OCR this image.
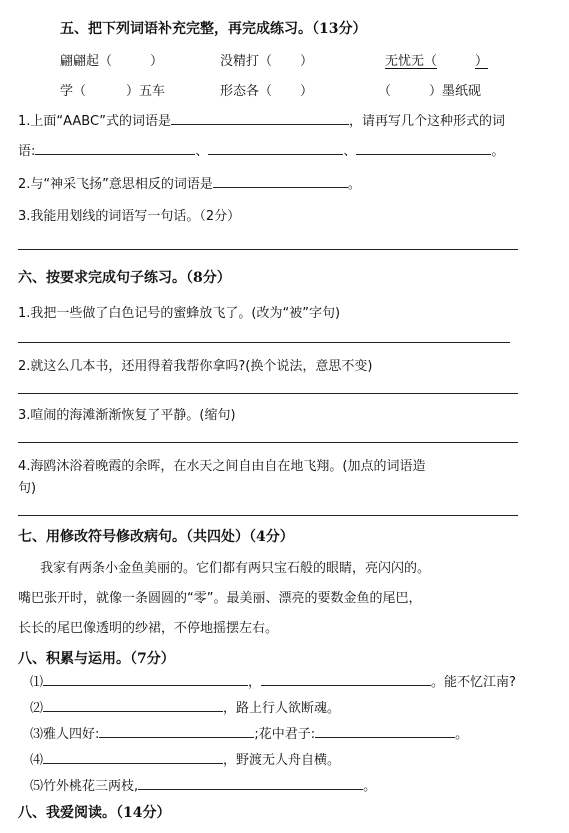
五、把下列词语补充完整，再完成练习。（13分）
翩翩起（	）	没精打（ ）	无忧无（	）
学（	）五车	形态各（ ）	（	）墨纸砚
1.上面“AABC”式的词语是	，请再写几个这种形式的词
语:	、	、	。
2.与“神采飞扬”意思相反的词语是	。
3.我能用划线的词语写一句话。（2分）
六、按要求完成句子练习。（8分）
1.我把一些做了白色记号的蜜蜂放飞了。(改为“被”字句)
2.就这么几本书，还用得着我帮你拿吗?(换个说法，意思不变)
3.喧闹的海滩渐渐恢复了平静。(缩句)
4.海鸥沐浴着晚霞的余晖，在水天之间自由自在地飞翔。(加点的词语造
句)
七、用修改符号修改病句。（共四处）（4分）
我家有两条小金鱼美丽的。它们都有两只宝石般的眼睛，亮闪闪的。
嘴巴张开时，就像一条圆圆的“零”。最美丽、漂亮的要数金鱼的尾巴，
长长的尾巴像透明的纱裙，不停地摇摆左右。
八、积累与运用。（7分）
⑴	，	。能不忆江南?
⑵	，路上行人欲断魂。
⑶雅人四好:	;花中君子:	。
⑷	，野渡无人舟自横。
⑸竹外桃花三两枝,	。
八、我爱阅读。（14分）
